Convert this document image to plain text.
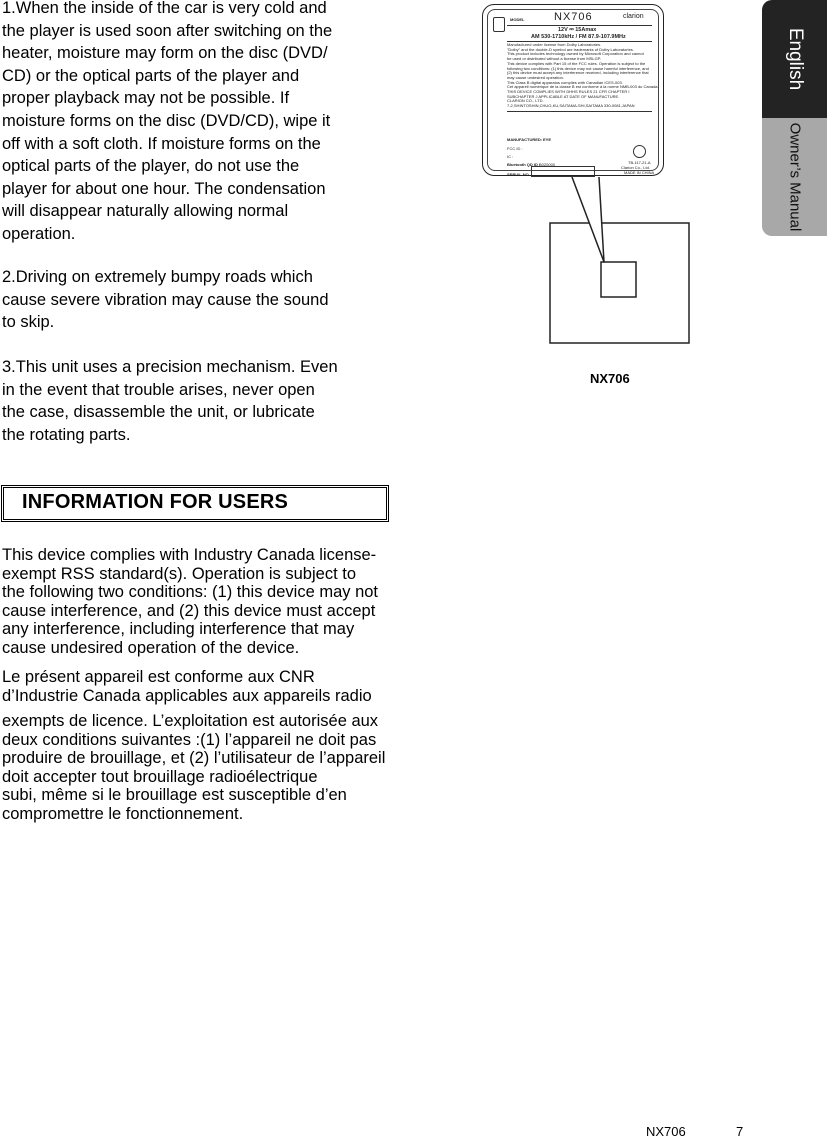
1.When the inside of the car is very cold and
the player is used soon after switching on the
heater, moisture may form on the disc (DVD/
CD) or the optical parts of the player and
proper playback may not be possible. If
moisture forms on the disc (DVD/CD), wipe it
off with a soft cloth. If moisture forms on the
optical parts of the player, do not use the
player for about one hour. The condensation
will disappear naturally allowing normal
operation.

2.Driving on extremely bumpy roads which
cause severe vibration may cause the sound
to skip.

3.This unit uses a precision mechanism. Even
in the event that trouble arises, never open
the case, disassemble the unit, or lubricate
the rotating parts.

INFORMATION FOR USERS
This device complies with Industry Canada license-
exempt RSS standard(s). Operation is subject to
the following two conditions: (1) this device may not
cause interference, and (2) this device must accept
any interference, including interference that may
cause undesired operation of the device.
Le présent appareil est conforme aux CNR
d’Industrie Canada applicables aux appareils radio
exempts de licence. L’exploitation est autorisée aux
deux conditions suivantes :(1) l’appareil ne doit pas
produire de brouillage, et (2) l’utilisateur de l’appareil
doit accepter tout brouillage radioélectrique
subi, même si le brouillage est susceptible d’en
compromettre le fonctionnement.
English
Owner’s Manual
MODEL	NX706	clarion
12V ⎓ 15Amax
AM 530-1710kHz / FM 87.9-107.9MHz
Manufactured under license from Dolby Laboratories.
"Dolby" and the double-D symbol are trademarks of Dolby Laboratories.
This product includes technology owned by Microsoft Corporation and cannot
be used or distributed without a license from MSLGP.
This device complies with Part 15 of the FCC rules. Operation is subject to the
following two conditions: (1) this device may not cause harmful interference, and
(2) this device must accept any interference received, including interference that
may cause undesired operation.
This Class B digital apparatus complies with Canadian ICES-003.
Cet appareil numérique de la classe B est conforme à la norme NMB-003 du Canada.
THIS DEVICE COMPLIES WITH DHHS RULES 21 CFR CHAPTER I
SUBCHAPTER J APPLICABLE AT DATE OF MANUFACTURE.
CLARION CO., LTD.
7-2,SHINTOSHIN,CHUO-KU,SAITAMA-SHI,SAITAMA 330-0081,JAPAN
MANUFACTURED: EYE
FCC ID :
IC :
Bluetooth QD ID :
B020000
SERIAL NO.
TB-117-21-A
Clarion Co., Ltd.
MADE IN CHINA
NX706
NX706	7
